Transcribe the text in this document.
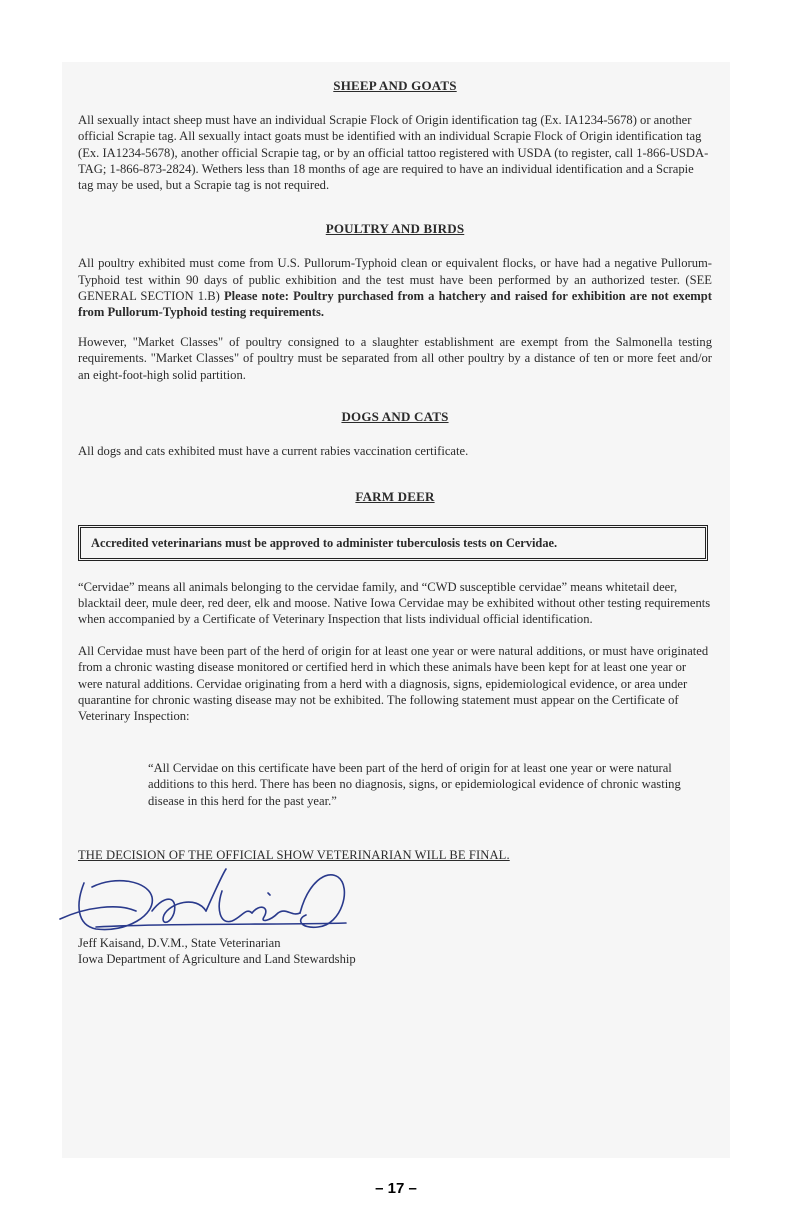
SHEEP AND GOATS

All sexually intact sheep must have an individual Scrapie Flock of Origin identification tag (Ex. IA1234-5678) or another official Scrapie tag. All sexually intact goats must be identified with an individual Scrapie Flock of Origin identification tag (Ex. IA1234-5678), another official Scrapie tag, or by an official tattoo registered with USDA (to register, call 1-866-USDA-TAG; 1-866-873-2824). Wethers less than 18 months of age are required to have an individual identification and a Scrapie tag may be used, but a Scrapie tag is not required.

POULTRY AND BIRDS

All poultry exhibited must come from U.S. Pullorum-Typhoid clean or equivalent flocks, or have had a negative Pullorum-Typhoid test within 90 days of public exhibition and the test must have been performed by an authorized tester. (SEE GENERAL SECTION 1.B) Please note: Poultry purchased from a hatchery and raised for exhibition are not exempt from Pullorum-Typhoid testing requirements.

However, "Market Classes" of poultry consigned to a slaughter establishment are exempt from the Salmonella testing requirements. "Market Classes" of poultry must be separated from all other poultry by a distance of ten or more feet and/or an eight-foot-high solid partition.

DOGS AND CATS

All dogs and cats exhibited must have a current rabies vaccination certificate.

FARM DEER
Accredited veterinarians must be approved to administer tuberculosis tests on Cervidae.

“Cervidae” means all animals belonging to the cervidae family, and “CWD susceptible cervidae” means whitetail deer, blacktail deer, mule deer, red deer, elk and moose. Native Iowa Cervidae may be exhibited without other testing requirements when accompanied by a Certificate of Veterinary Inspection that lists individual official identification.

All Cervidae must have been part of the herd of origin for at least one year or were natural additions, or must have originated from a chronic wasting disease monitored or certified herd in which these animals have been kept for at least one year or were natural additions. Cervidae originating from a herd with a diagnosis, signs, epidemiological evidence, or area under quarantine for chronic wasting disease may not be exhibited. The following statement must appear on the Certificate of Veterinary Inspection:

“All Cervidae on this certificate have been part of the herd of origin for at least one year or were natural additions to this herd. There has been no diagnosis, signs, or epidemiological evidence of chronic wasting disease in this herd for the past year.”

THE DECISION OF THE OFFICIAL SHOW VETERINARIAN WILL BE FINAL.

Jeff Kaisand, D.V.M., State Veterinarian

Iowa Department of Agriculture and Land Stewardship

– 17 –
